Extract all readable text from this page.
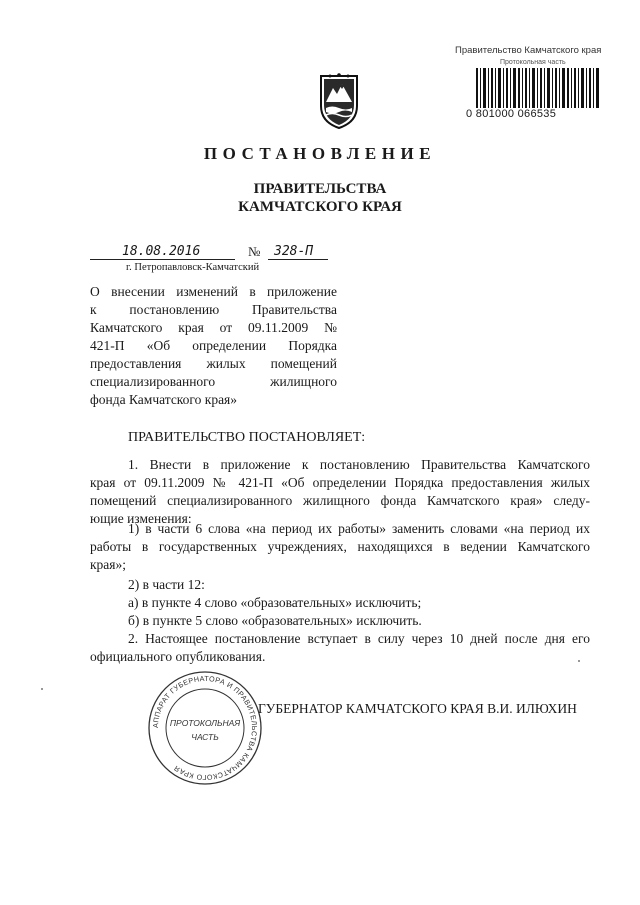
Правительство Камчатского края
Протокольная часть
0 801000 066535
ПОСТАНОВЛЕНИЕ
ПРАВИТЕЛЬСТВА
КАМЧАТСКОГО КРАЯ
18.08.2016	№	328-П
г. Петропавловск-Камчатский
О внесении изменений в приложение
к постановлению Правительства
Камчатского края от 09.11.2009 №
421-П «Об определении Порядка
предоставления жилых помещений
специализированного жилищного
фонда Камчатского края»
ПРАВИТЕЛЬСТВО ПОСТАНОВЛЯЕТ:
1. Внести в приложение к постановлению Правительства Камчатского
края от 09.11.2009 № 421-П «Об определении Порядка предоставления жилых
помещений специализированного жилищного фонда Камчатского края» следу-
ющие изменения:
1) в части 6 слова «на период их работы» заменить словами «на период их
работы в государственных учреждениях, находящихся в ведении Камчатского
края»;
2) в части 12:
а) в пункте 4 слово «образовательных» исключить;
б) в пункте 5 слово «образовательных» исключить.
2. Настоящее постановление вступает в силу через 10 дней после дня его
официального опубликования.
АППАРАТ ГУБЕРНАТОРА И ПРАВИТЕЛЬСТВА КАМЧАТСКОГО КРАЯ
ПРОТОКОЛЬНАЯ
ЧАСТЬ
ГУБЕРНАТОР КАМЧАТСКОГО КРАЯ В.И. ИЛЮХИН
